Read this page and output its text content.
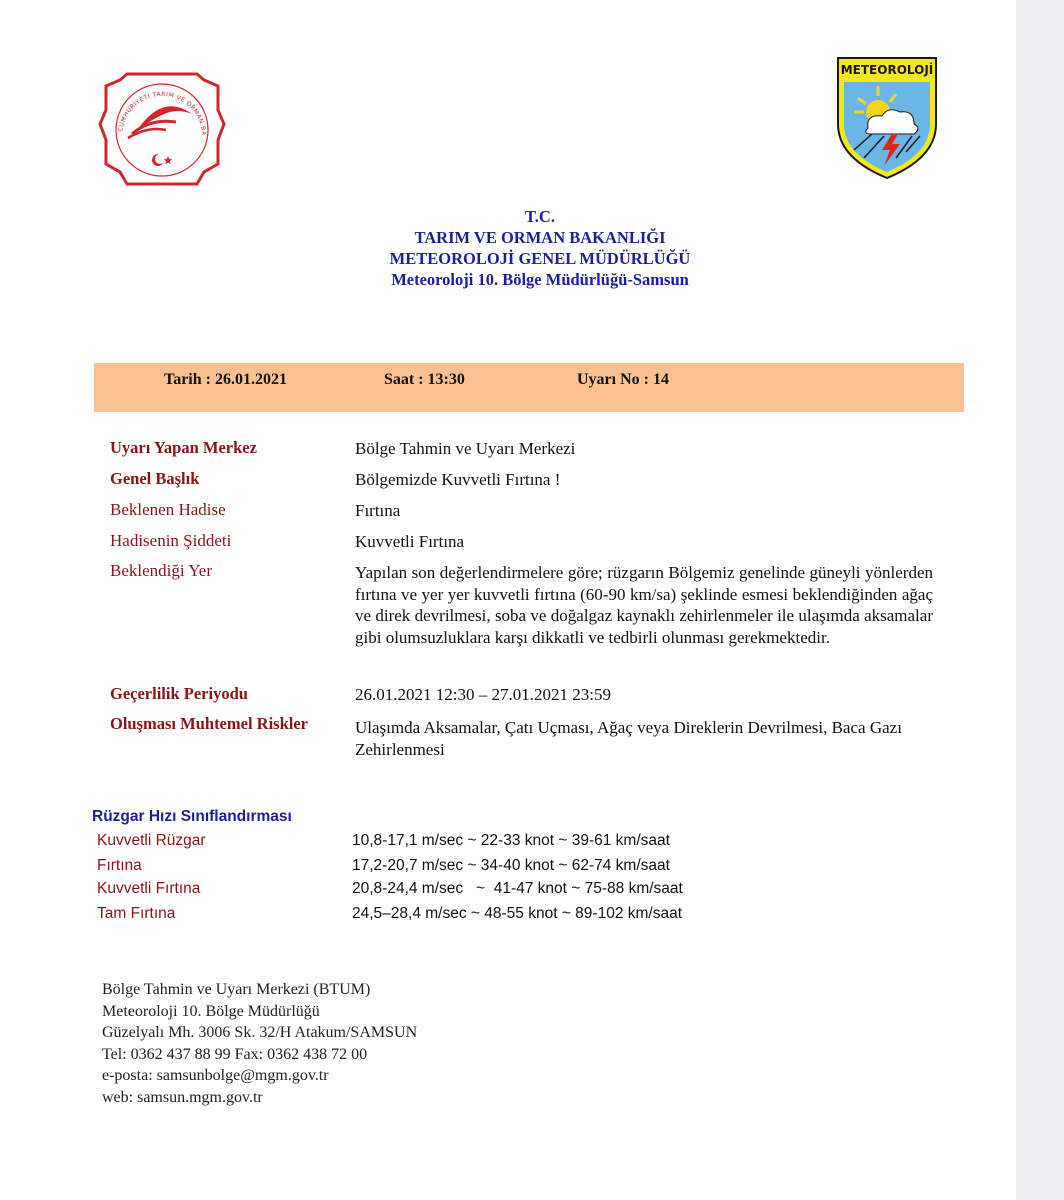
CUMHURİYETİ TARIM VE ORMAN BA
METEOROLOJİ
T.C.
TARIM VE ORMAN BAKANLIĞI
METEOROLOJİ GENEL MÜDÜRLÜĞÜ
Meteoroloji 10. Bölge Müdürlüğü-Samsun
Tarih : 26.01.2021	Saat : 13:30	Uyarı No : 14
Uyarı Yapan Merkez	Bölge Tahmin ve Uyarı Merkezi
Genel Başlık	Bölgemizde Kuvvetli Fırtına !
Beklenen Hadise	Fırtına
Hadisenin Şiddeti	Kuvvetli Fırtına
Beklendiği Yer	Yapılan son değerlendirmelere göre; rüzgarın Bölgemiz genelinde güneyli yönlerden fırtına ve yer yer kuvvetli fırtına (60-90 km/sa) şeklinde esmesi beklendiğinden ağaç ve direk devrilmesi, soba ve doğalgaz kaynaklı zehirlenmeler ile ulaşımda aksamalar gibi olumsuzluklara karşı dikkatli ve tedbirli olunması gerekmektedir.
Geçerlilik Periyodu	26.01.2021 12:30 – 27.01.2021 23:59
Oluşması Muhtemel Riskler	Ulaşımda Aksamalar, Çatı Uçması, Ağaç veya Direklerin Devrilmesi, Baca Gazı Zehirlenmesi
Rüzgar Hızı Sınıflandırması
Kuvvetli Rüzgar	10,8-17,1 m/sec ~ 22-33 knot ~ 39-61 km/saat
Fırtına	17,2-20,7 m/sec ~ 34-40 knot ~ 62-74 km/saat
Kuvvetli Fırtına	20,8-24,4 m/sec   ~  41-47 knot ~ 75-88 km/saat
Tam Fırtına	24,5–28,4 m/sec ~ 48-55 knot ~ 89-102 km/saat
Bölge Tahmin ve Uyarı Merkezi (BTUM)
Meteoroloji 10. Bölge Müdürlüğü
Güzelyalı Mh. 3006 Sk. 32/H Atakum/SAMSUN
Tel: 0362 437 88 99 Fax: 0362 438 72 00
e-posta: samsunbolge@mgm.gov.tr
web: samsun.mgm.gov.tr
